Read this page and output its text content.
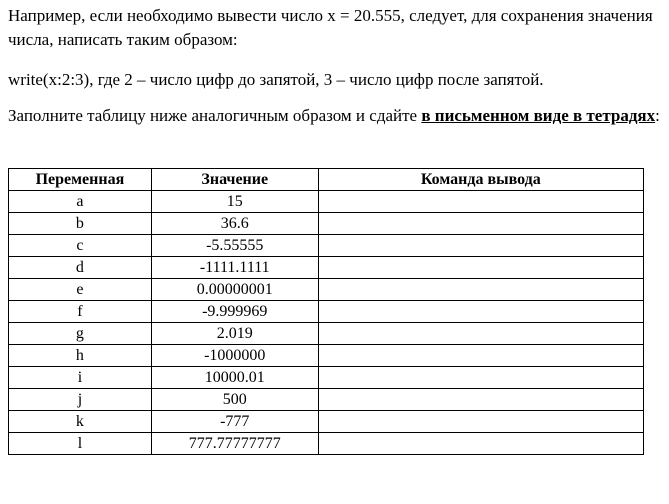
Например, если необходимо вывести число x = 20.555, следует, для сохранения значения числа, написать таким образом:

write(x:2:3), где 2 – число цифр до запятой, 3 – число цифр после запятой.

Заполните таблицу ниже аналогичным образом и сдайте в письменном виде в тетрадях:

Переменная	Значение	Команда вывода
a	15	
b	36.6	
c	-5.55555	
d	-1111.1111	
e	0.00000001	
f	-9.999969	
g	2.019	
h	-1000000	
i	10000.01	
j	500	
k	-777	
l	777.77777777	
